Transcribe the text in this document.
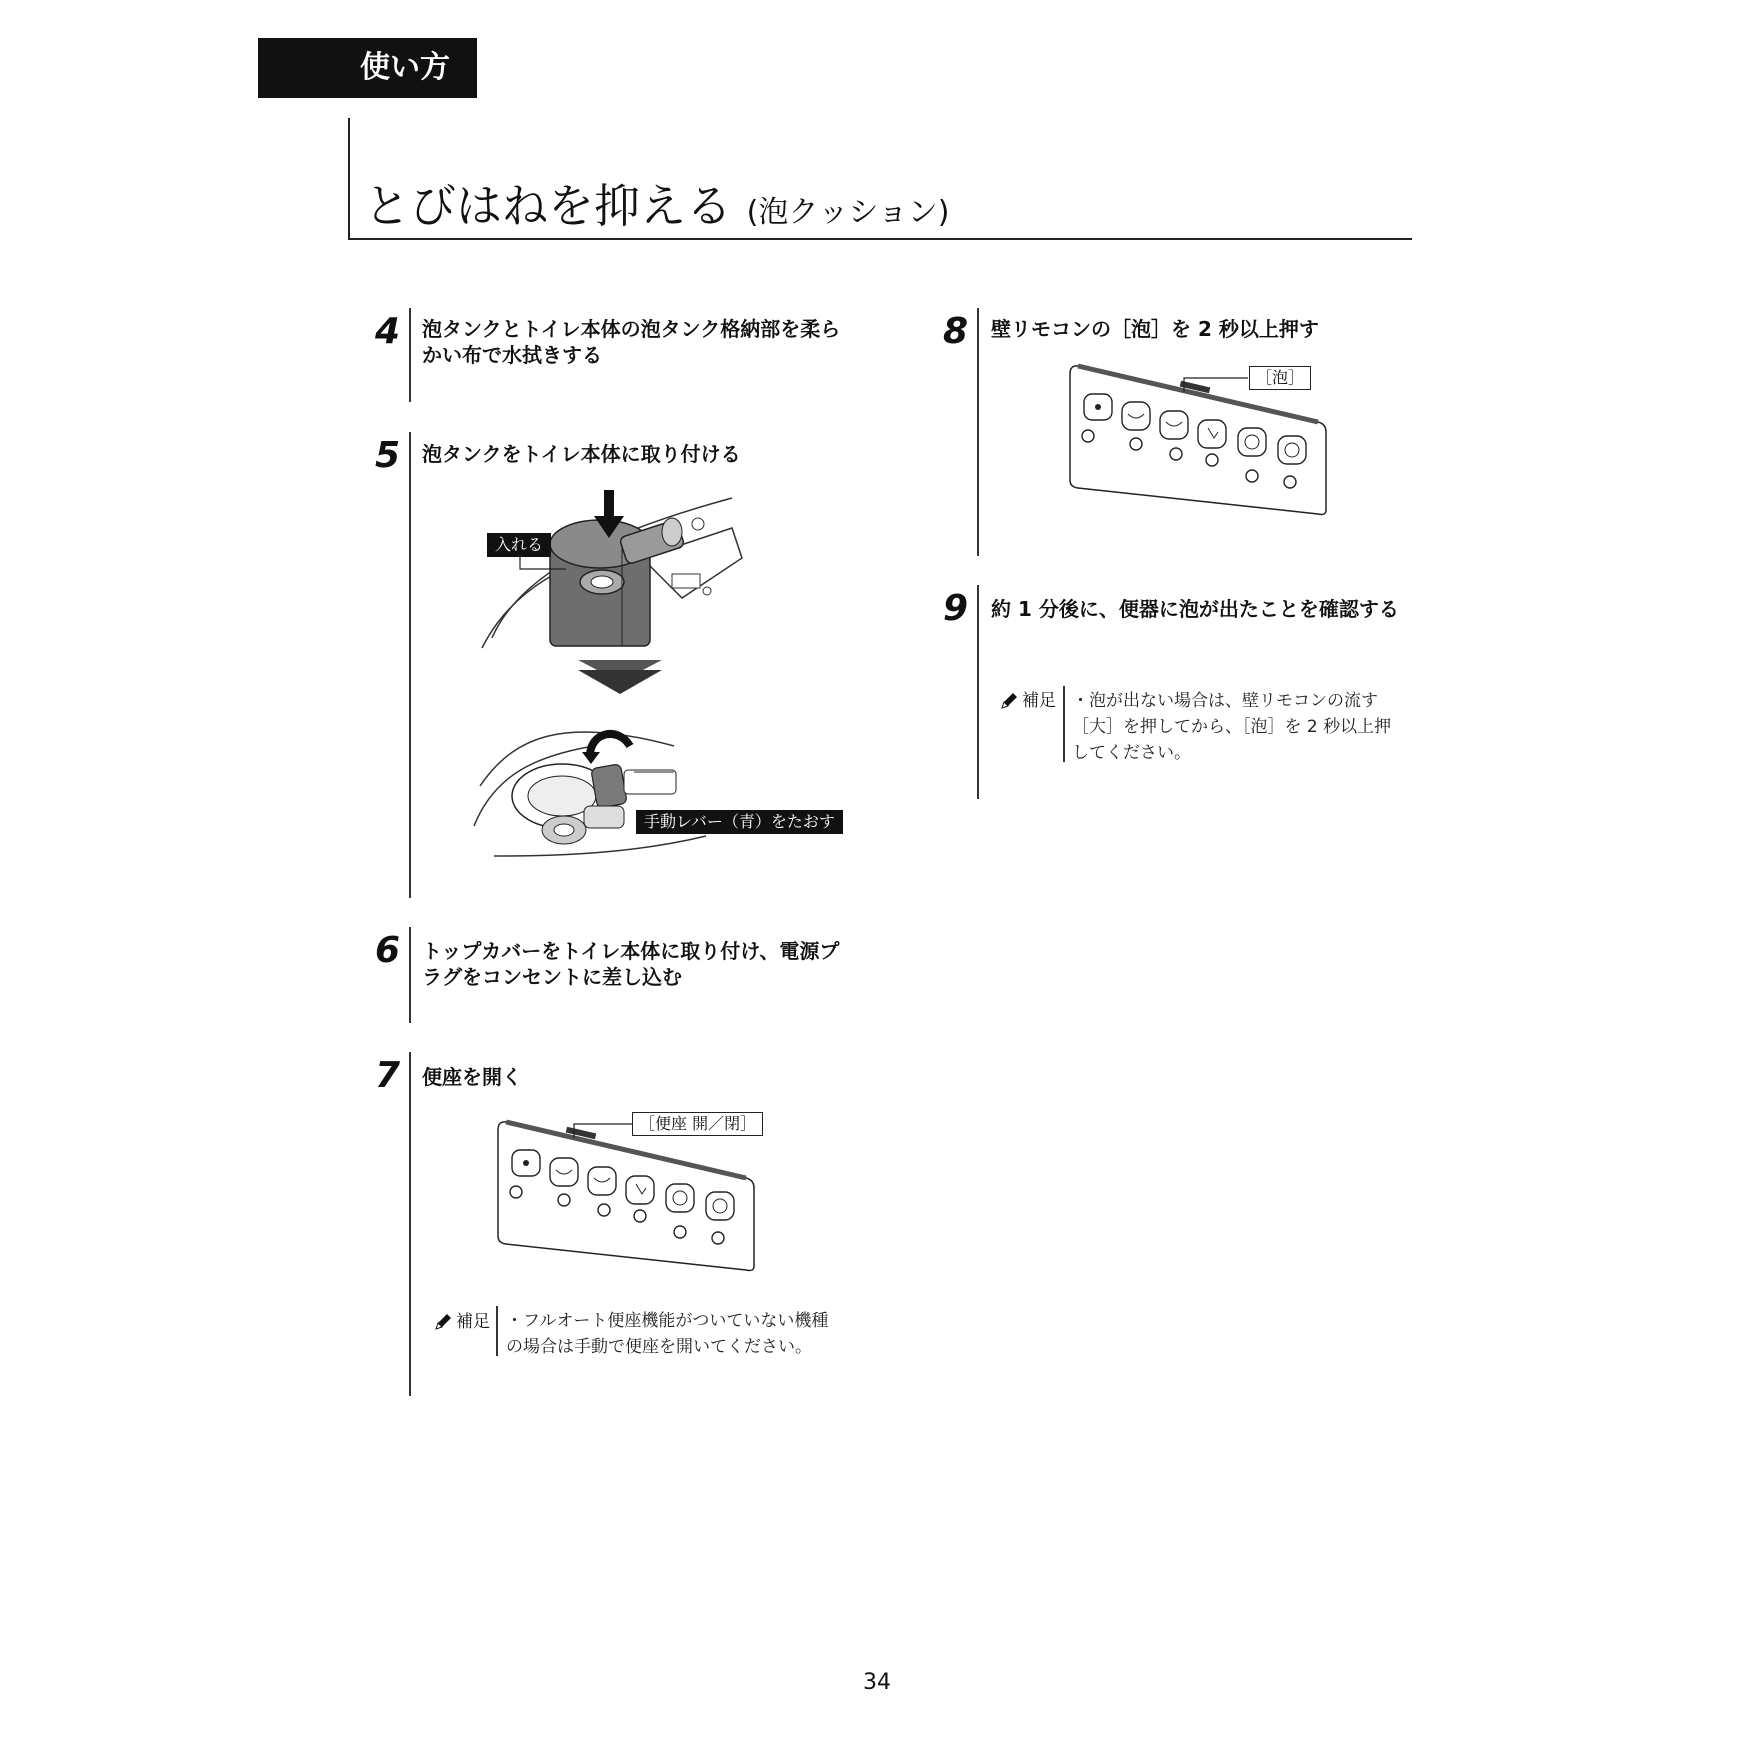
使い方
とびはねを抑える (泡クッション)
4 泡タンクとトイレ本体の泡タンク格納部を柔らかい布で水拭きする
5 泡タンクをトイレ本体に取り付ける
入れる
手動レバー（青）をたおす
6 トップカバーをトイレ本体に取り付け、電源プラグをコンセントに差し込む
7 便座を開く
［便座 開／閉］
補足 ・フルオート便座機能がついていない機種の場合は手動で便座を開いてください。
8 壁リモコンの［泡］を 2 秒以上押す
［泡］
9 約 1 分後に、便器に泡が出たことを確認する
補足 ・泡が出ない場合は、壁リモコンの流す［大］を押してから、［泡］を 2 秒以上押してください。
34
